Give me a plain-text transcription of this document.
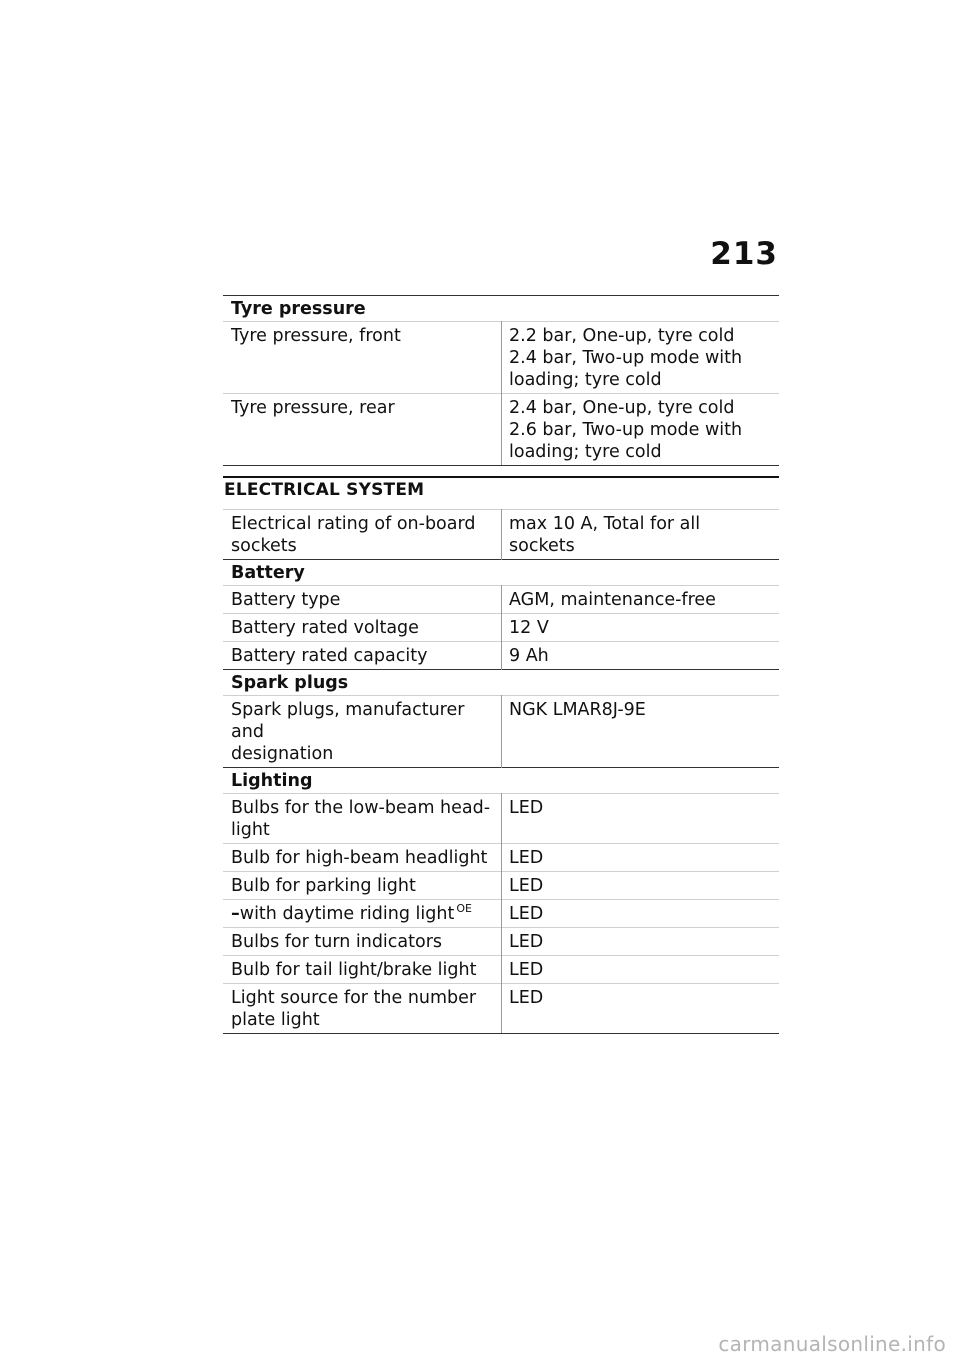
213
Tyre pressure	
Tyre pressure, front	2.2 bar, One-up, tyre cold
2.4 bar, Two-up mode with
loading; tyre cold

Tyre pressure, rear	2.4 bar, One-up, tyre cold
2.6 bar, Two-up mode with
loading; tyre cold
ELECTRICAL SYSTEM
Electrical rating of on-board
sockets	max 10 A, Total for all sockets
Battery	
Battery type	AGM, maintenance-free
Battery rated voltage	12 V
Battery rated capacity	9 Ah
Spark plugs	

Spark plugs, manufacturer and
designation	NGK LMAR8J-9E
Lighting	

Bulbs for the low-beam head-
light	LED
Bulb for high-beam headlight	LED
Bulb for parking light	LED
–with daytime riding light $^{OE}$	LED
Bulbs for turn indicators	LED
Bulb for tail light/brake light	LED

Light source for the number
plate light	LED
carmanualsonline.info
